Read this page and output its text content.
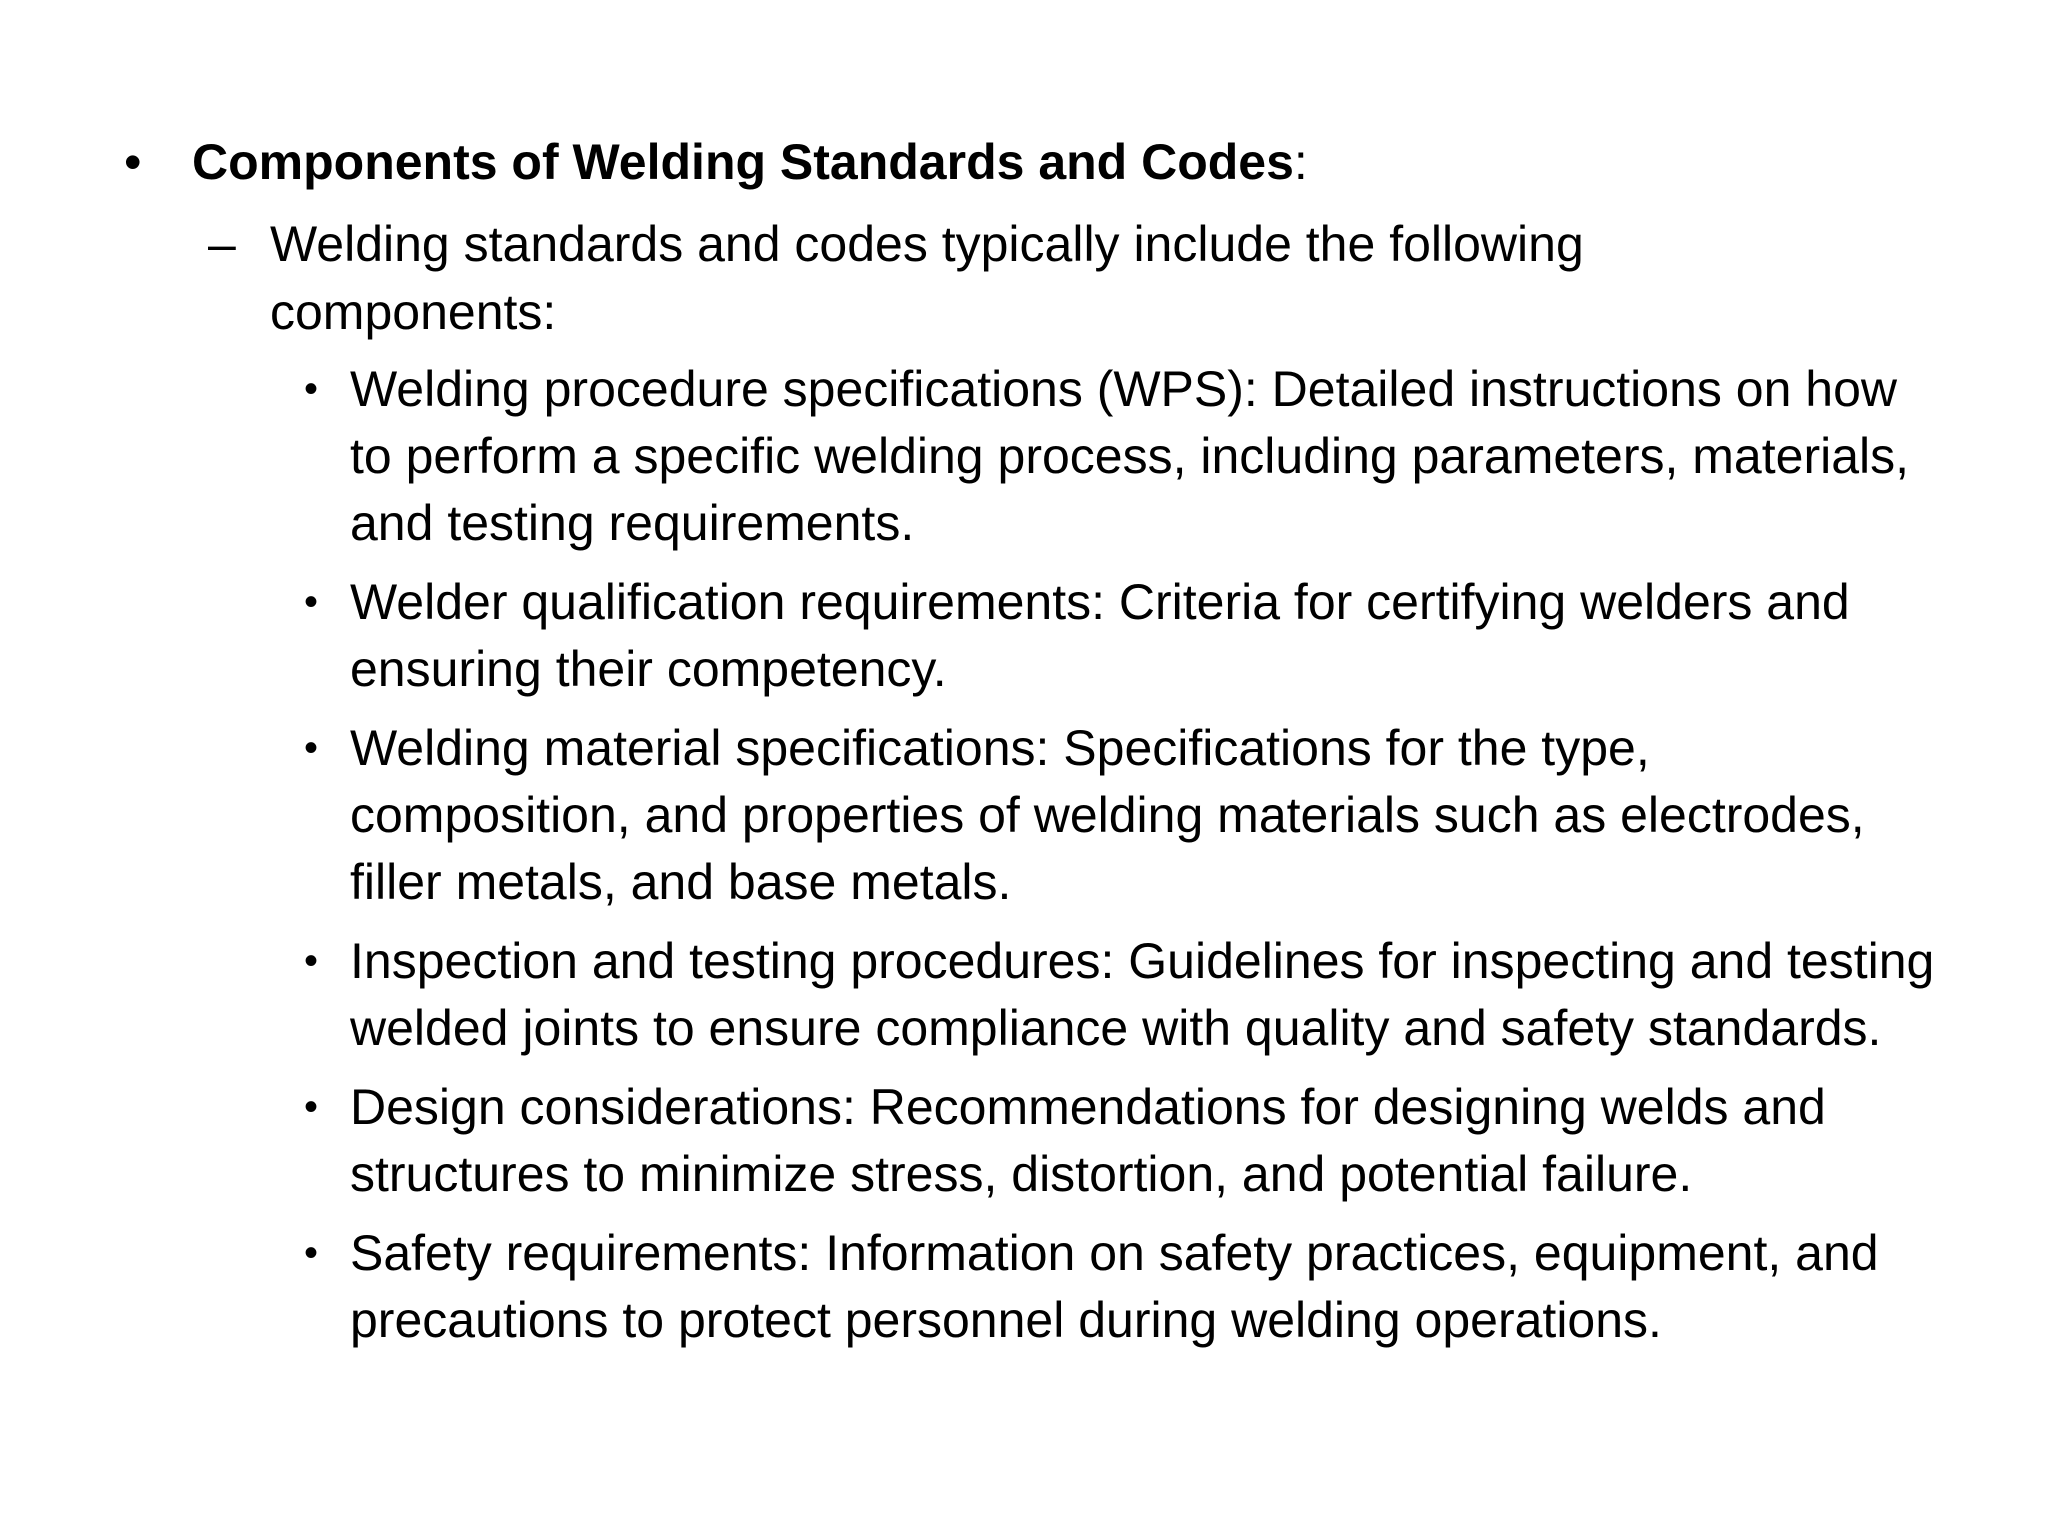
• Components of Welding Standards and Codes:
– Welding standards and codes typically include the following components:
• Welding procedure specifications (WPS): Detailed instructions on how to perform a specific welding process, including parameters, materials, and testing requirements.
• Welder qualification requirements: Criteria for certifying welders and ensuring their competency.
• Welding material specifications: Specifications for the type, composition, and properties of welding materials such as electrodes, filler metals, and base metals.
• Inspection and testing procedures: Guidelines for inspecting and testing welded joints to ensure compliance with quality and safety standards.
• Design considerations: Recommendations for designing welds and structures to minimize stress, distortion, and potential failure.
• Safety requirements: Information on safety practices, equipment, and precautions to protect personnel during welding operations.
